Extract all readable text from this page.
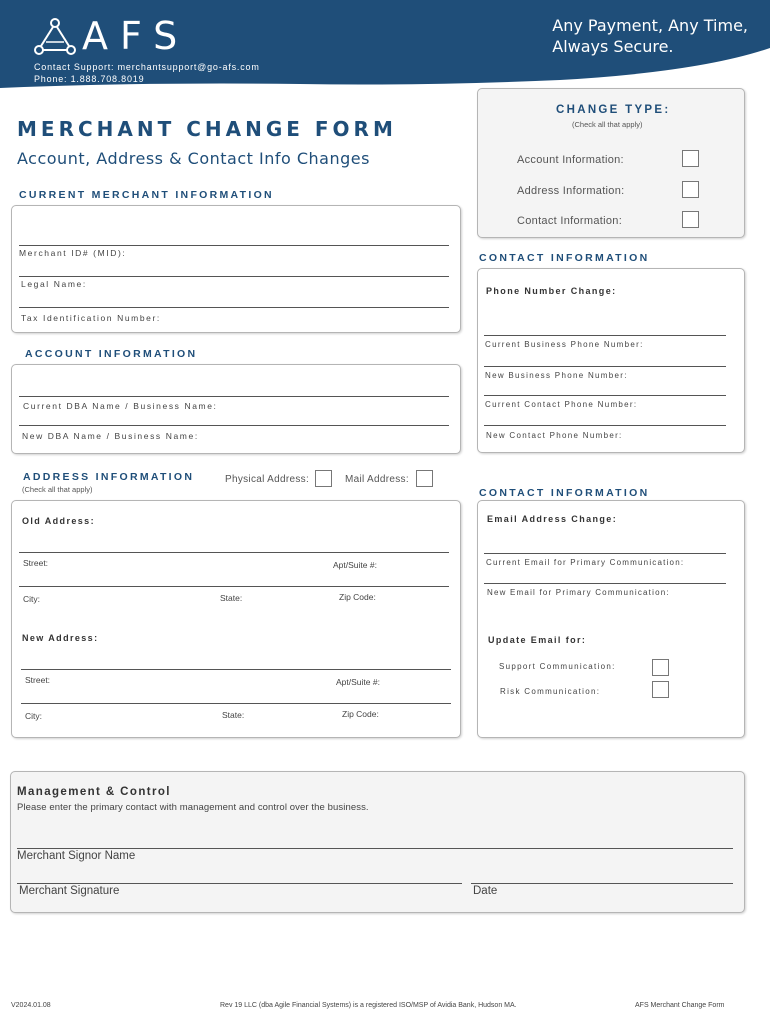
AFS
Contact Support: merchantsupport@go-afs.com
Phone: 1.888.708.8019
Any Payment, Any Time,
Always Secure.
MERCHANT CHANGE FORM
Account, Address & Contact Info Changes
CHANGE TYPE:
(Check all that apply)
Account Information:
Address Information:
Contact Information:
CURRENT MERCHANT INFORMATION
Merchant ID# (MID):
Legal Name:
Tax Identification Number:
ACCOUNT INFORMATION
Current DBA Name / Business Name:
New DBA Name / Business Name:
ADDRESS INFORMATION
(Check all that apply)
Physical Address:	Mail Address:
Old Address:
Street:	Apt/Suite #:
City:	State:	Zip Code:
New Address:
Street:	Apt/Suite #:
City:	State:	Zip Code:
CONTACT INFORMATION
Phone Number Change:
Current Business Phone Number:
New Business Phone Number:
Current Contact Phone Number:
New Contact Phone Number:
CONTACT INFORMATION
Email Address Change:
Current Email for Primary Communication:
New Email for Primary Communication:
Update Email for:
Support Communication:
Risk Communication:
Management & Control
Please enter the primary contact with management and control over the business.
Merchant Signor Name
Merchant Signature	Date
V2024.01.08	Rev 19 LLC (dba Agile Financial Systems) is a registered ISO/MSP of Avidia Bank, Hudson MA.	AFS Merchant Change Form
